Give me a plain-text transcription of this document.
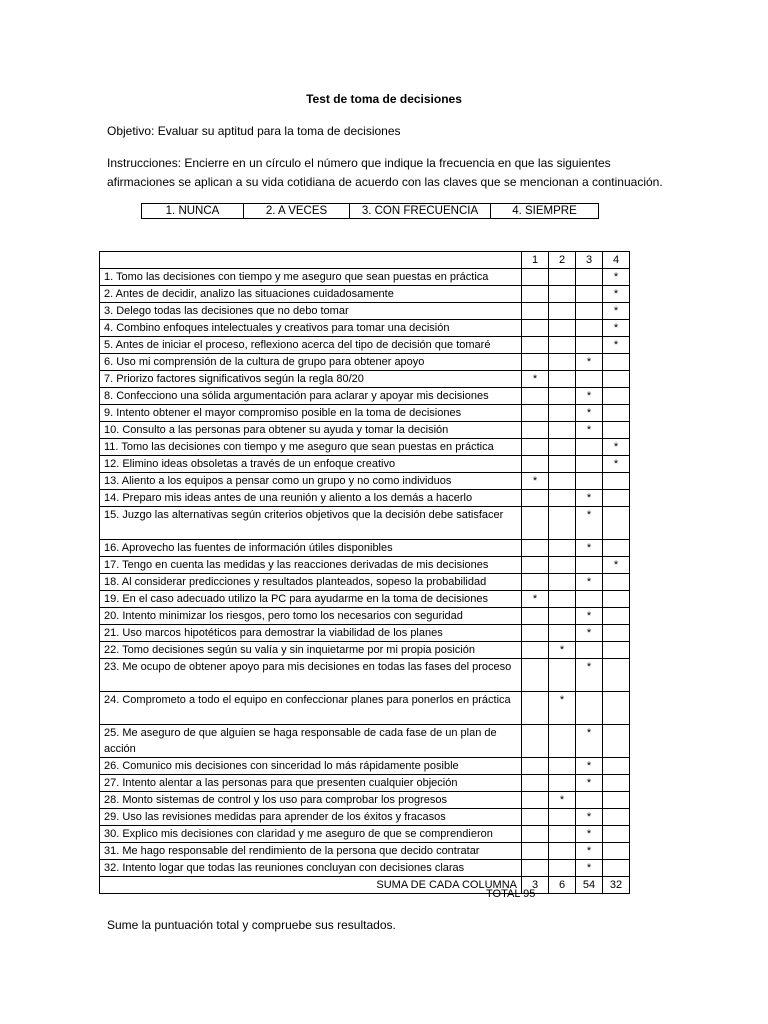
Test de toma de decisiones
Objetivo: Evaluar su aptitud para la toma de decisiones
Instrucciones: Encierre en un círculo el número que indique la frecuencia en que las siguientes afirmaciones se aplican a su vida cotidiana de acuerdo con las claves que se mencionan a continuación.
1. NUNCA	2. A VECES	3. CON FRECUENCIA	4. SIEMPRE
	1	2	3	4
1. Tomo las decisiones con tiempo y me aseguro que sean puestas en práctica				*
2. Antes de decidir, analizo las situaciones cuidadosamente				*
3. Delego todas las decisiones que no debo tomar				*
4. Combino enfoques intelectuales y creativos para tomar una decisión				*
5. Antes de iniciar el proceso, reflexiono acerca del tipo de decisión que tomaré				*
6. Uso mi comprensión de la cultura de grupo para obtener apoyo			*	
7. Priorizo factores significativos según la regla 80/20	*			
8. Confecciono una sólida argumentación para aclarar y apoyar mis decisiones			*	
9. Intento obtener el mayor compromiso posible en la toma de decisiones			*	
10. Consulto a las personas para obtener su ayuda y tomar la decisión			*	
11. Tomo las decisiones con tiempo y me aseguro que sean puestas en práctica				*
12. Elimino ideas obsoletas a través de un enfoque creativo				*
13. Aliento a los equipos a pensar como un grupo y no como individuos	*			
14. Preparo mis ideas antes de una reunión y aliento a los demás a hacerlo			*	
15. Juzgo las alternativas según criterios objetivos que la decisión debe satisfacer			*	
16. Aprovecho las fuentes de información útiles disponibles			*	
17. Tengo en cuenta las medidas y las reacciones derivadas de mis decisiones				*
18. Al considerar predicciones y resultados planteados, sopeso la probabilidad			*	
19. En el caso adecuado utilizo la PC para ayudarme en la toma de decisiones	*			
20. Intento minimizar los riesgos, pero tomo los necesarios con seguridad			*	
21. Uso marcos hipotéticos para demostrar la viabilidad de los planes			*	
22. Tomo decisiones según su valía y sin inquietarme por mi propia posición		*		
23. Me ocupo de obtener apoyo para mis decisiones en todas las fases del proceso			*	
24. Comprometo a todo el equipo en confeccionar planes para ponerlos en práctica		*		
25. Me aseguro de que alguien se haga responsable de cada fase de un plan de acción			*	
26. Comunico mis decisiones con sinceridad lo más rápidamente posible			*	
27. Intento alentar a las personas para que presenten cualquier objeción			*	
28. Monto sistemas de control y los uso para comprobar los progresos		*		
29. Uso las revisiones medidas para aprender de los éxitos y fracasos			*	
30. Explico mis decisiones con claridad y me aseguro de que se comprendieron			*	
31. Me hago responsable del rendimiento de la persona que decido contratar			*	
32. Intento logar que todas las reuniones concluyan con decisiones claras			*	
SUMA DE CADA COLUMNA	3	6	54	32
TOTAL 95
Sume la puntuación total y compruebe sus resultados.
